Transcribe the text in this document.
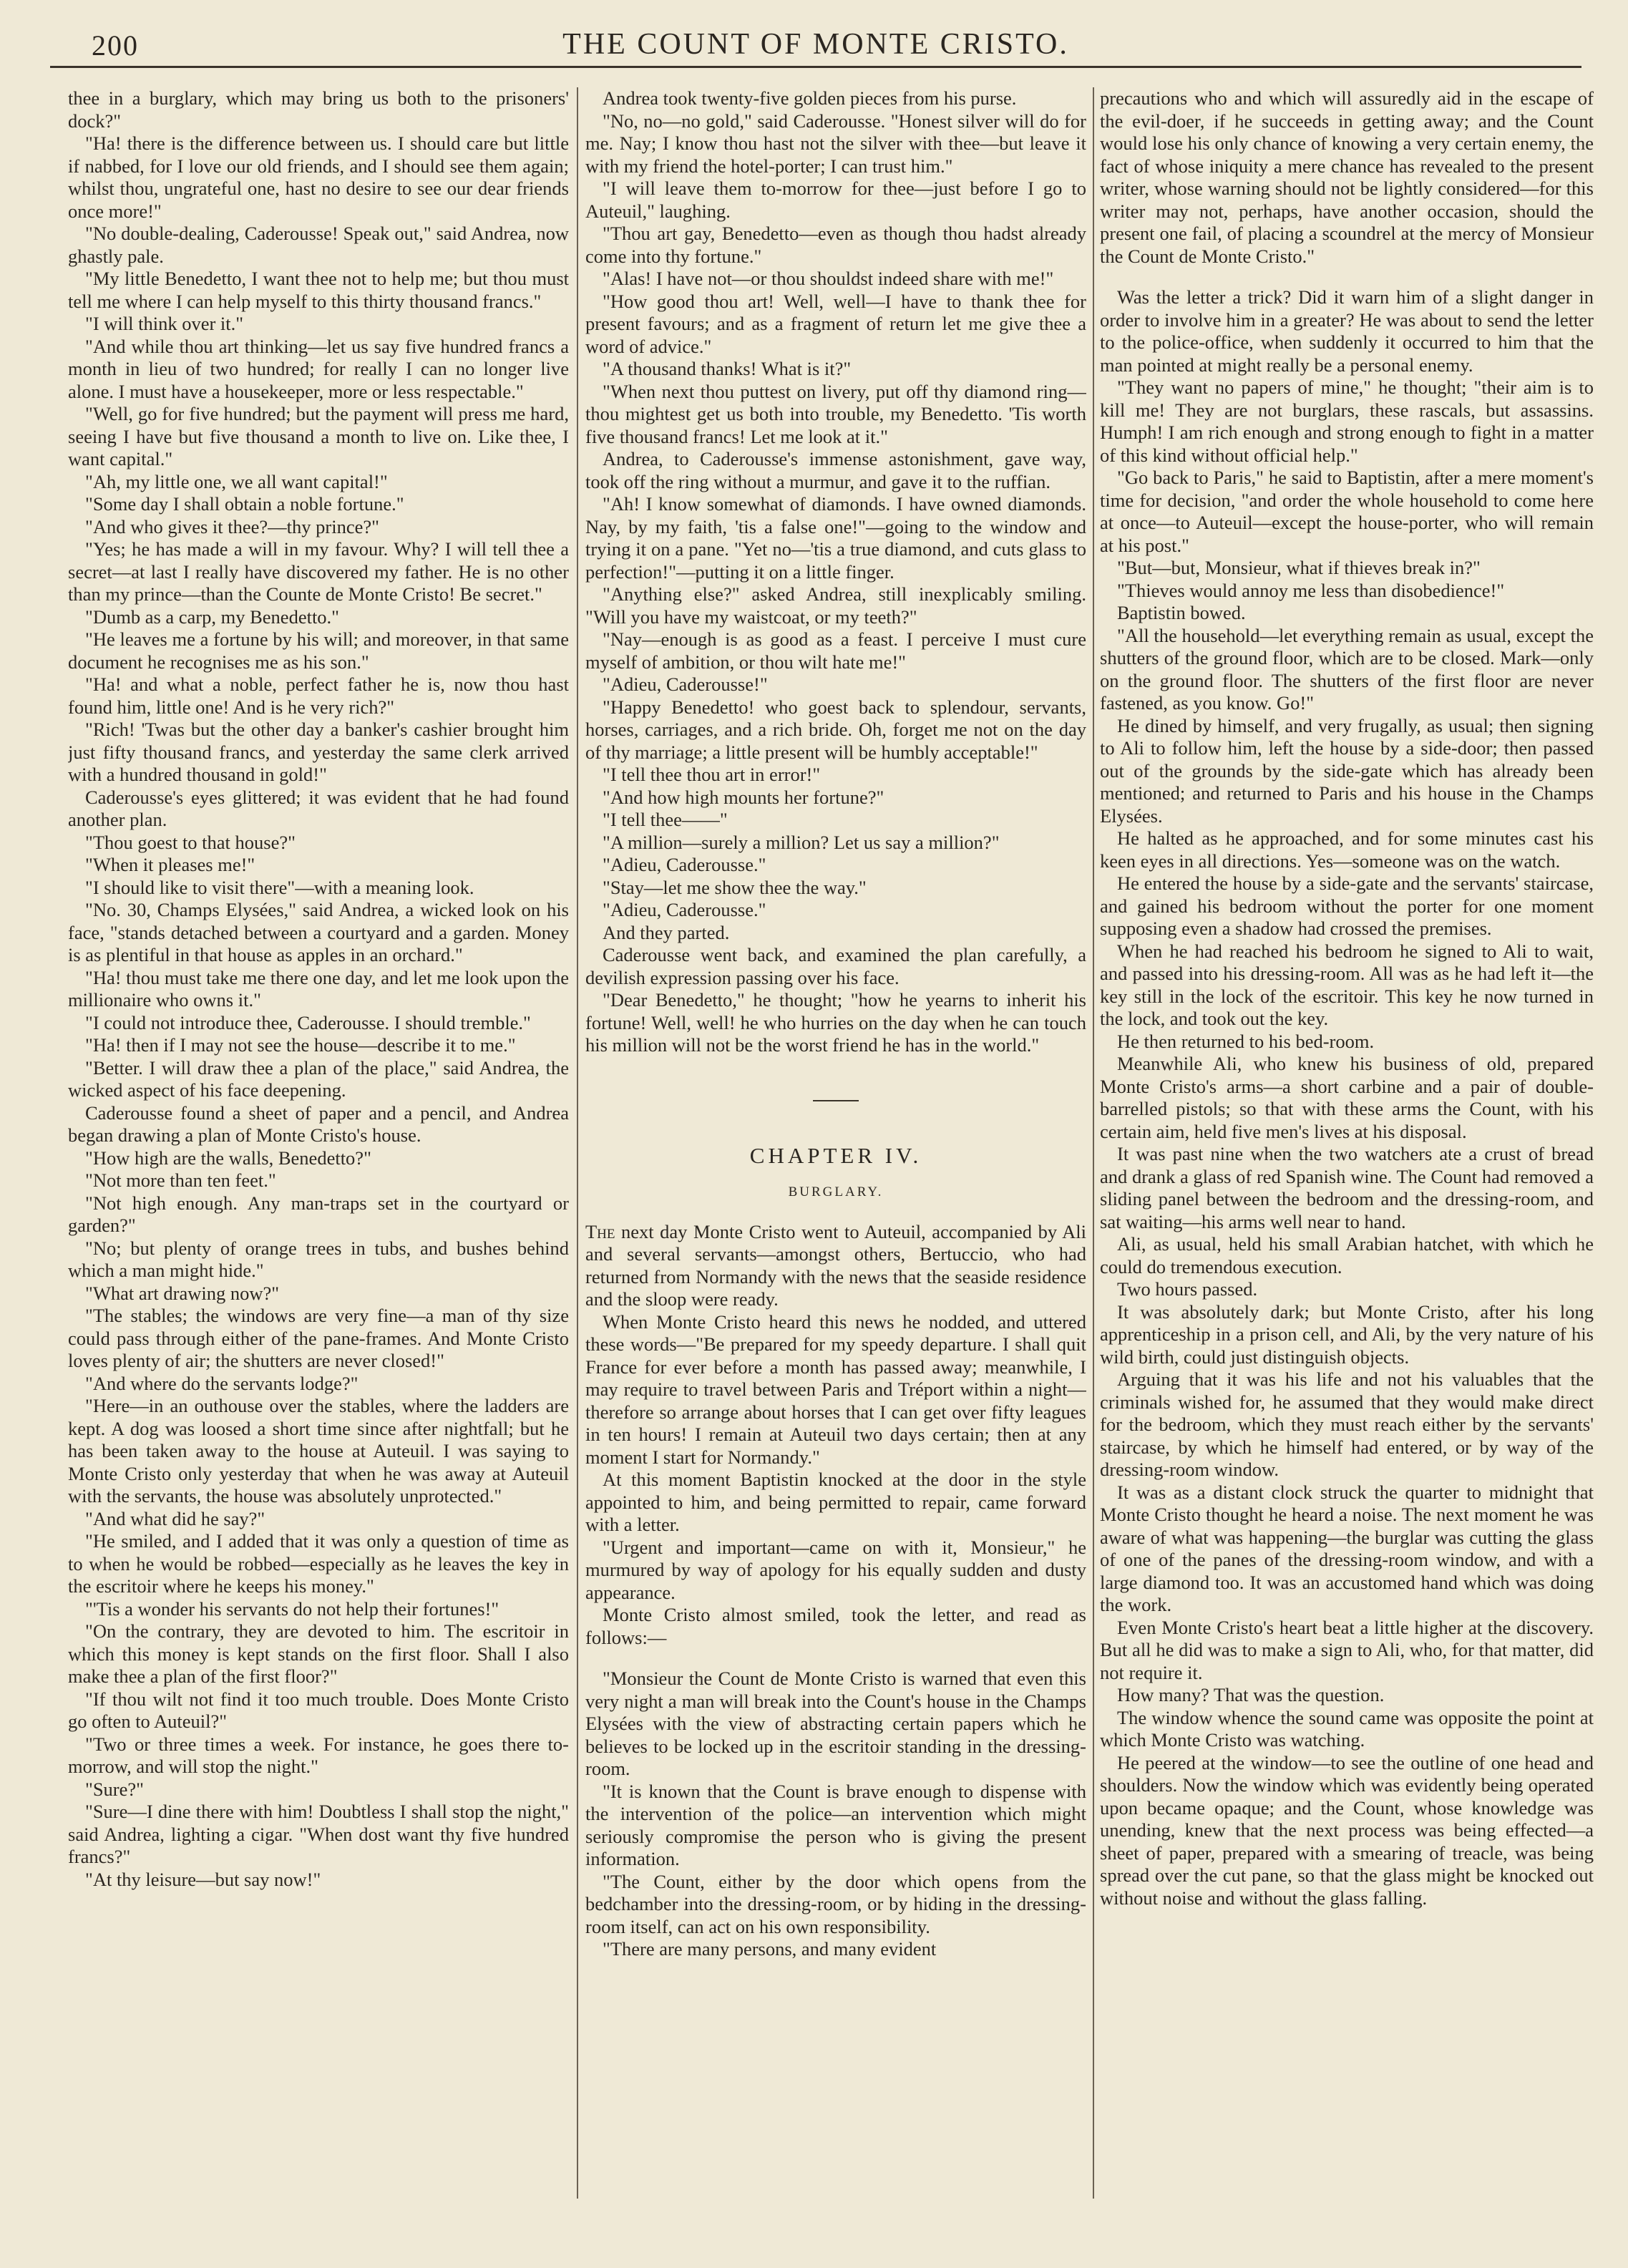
200	THE COUNT OF MONTE CRISTO.

thee in a burglary, which may bring us both to the prisoners' dock?"

"Ha! there is the difference between us. I should care but little if nabbed, for I love our old friends, and I should see them again; whilst thou, ungrateful one, hast no desire to see our dear friends once more!"

"No double-dealing, Caderousse! Speak out," said Andrea, now ghastly pale.

"My little Benedetto, I want thee not to help me; but thou must tell me where I can help myself to this thirty thousand francs."

"I will think over it."

"And while thou art thinking—let us say five hundred francs a month in lieu of two hundred; for really I can no longer live alone. I must have a housekeeper, more or less respectable."

"Well, go for five hundred; but the payment will press me hard, seeing I have but five thousand a month to live on. Like thee, I want capital."

"Ah, my little one, we all want capital!"

"Some day I shall obtain a noble fortune."

"And who gives it thee?—thy prince?"

"Yes; he has made a will in my favour. Why? I will tell thee a secret—at last I really have discovered my father. He is no other than my prince—than the Counte de Monte Cristo! Be secret."

"Dumb as a carp, my Benedetto."

"He leaves me a fortune by his will; and moreover, in that same document he recognises me as his son."

"Ha! and what a noble, perfect father he is, now thou hast found him, little one! And is he very rich?"

"Rich! 'Twas but the other day a banker's cashier brought him just fifty thousand francs, and yesterday the same clerk arrived with a hundred thousand in gold!"

Caderousse's eyes glittered; it was evident that he had found another plan.

"Thou goest to that house?"

"When it pleases me!"

"I should like to visit there"—with a meaning look.

"No. 30, Champs Elysées," said Andrea, a wicked look on his face, "stands detached between a courtyard and a garden. Money is as plentiful in that house as apples in an orchard."

"Ha! thou must take me there one day, and let me look upon the millionaire who owns it."

"I could not introduce thee, Caderousse. I should tremble."

"Ha! then if I may not see the house—describe it to me."

"Better. I will draw thee a plan of the place," said Andrea, the wicked aspect of his face deepening.

Caderousse found a sheet of paper and a pencil, and Andrea began drawing a plan of Monte Cristo's house.

"How high are the walls, Benedetto?"

"Not more than ten feet."

"Not high enough. Any man-traps set in the courtyard or garden?"

"No; but plenty of orange trees in tubs, and bushes behind which a man might hide."

"What art drawing now?"

"The stables; the windows are very fine—a man of thy size could pass through either of the pane-frames. And Monte Cristo loves plenty of air; the shutters are never closed!"

"And where do the servants lodge?"

"Here—in an outhouse over the stables, where the ladders are kept. A dog was loosed a short time since after nightfall; but he has been taken away to the house at Auteuil. I was saying to Monte Cristo only yesterday that when he was away at Auteuil with the servants, the house was absolutely unprotected."

"And what did he say?"

"He smiled, and I added that it was only a question of time as to when he would be robbed—especially as he leaves the key in the escritoir where he keeps his money."

"'Tis a wonder his servants do not help their fortunes!"

"On the contrary, they are devoted to him. The escritoir in which this money is kept stands on the first floor. Shall I also make thee a plan of the first floor?"

"If thou wilt not find it too much trouble. Does Monte Cristo go often to Auteuil?"

"Two or three times a week. For instance, he goes there to-morrow, and will stop the night."

"Sure?"

"Sure—I dine there with him! Doubtless I shall stop the night," said Andrea, lighting a cigar. "When dost want thy five hundred francs?"

"At thy leisure—but say now!"

Andrea took twenty-five golden pieces from his purse.

"No, no—no gold," said Caderousse. "Honest silver will do for me. Nay; I know thou hast not the silver with thee—but leave it with my friend the hotel-porter; I can trust him."

"I will leave them to-morrow for thee—just before I go to Auteuil," laughing.

"Thou art gay, Benedetto—even as though thou hadst already come into thy fortune."

"Alas! I have not—or thou shouldst indeed share with me!"

"How good thou art! Well, well—I have to thank thee for present favours; and as a fragment of return let me give thee a word of advice."

"A thousand thanks! What is it?"

"When next thou puttest on livery, put off thy diamond ring—thou mightest get us both into trouble, my Benedetto. 'Tis worth five thousand francs! Let me look at it."

Andrea, to Caderousse's immense astonishment, gave way, took off the ring without a murmur, and gave it to the ruffian.

"Ah! I know somewhat of diamonds. I have owned diamonds. Nay, by my faith, 'tis a false one!"—going to the window and trying it on a pane. "Yet no—'tis a true diamond, and cuts glass to perfection!"—putting it on a little finger.

"Anything else?" asked Andrea, still inexplicably smiling. "Will you have my waistcoat, or my teeth?"

"Nay—enough is as good as a feast. I perceive I must cure myself of ambition, or thou wilt hate me!"

"Adieu, Caderousse!"

"Happy Benedetto! who goest back to splendour, servants, horses, carriages, and a rich bride. Oh, forget me not on the day of thy marriage; a little present will be humbly acceptable!"

"I tell thee thou art in error!"

"And how high mounts her fortune?"

"I tell thee——"

"A million—surely a million? Let us say a million?"

"Adieu, Caderousse."

"Stay—let me show thee the way."

"Adieu, Caderousse."

And they parted.

Caderousse went back, and examined the plan carefully, a devilish expression passing over his face.

"Dear Benedetto," he thought; "how he yearns to inherit his fortune! Well, well! he who hurries on the day when he can touch his million will not be the worst friend he has in the world."

CHAPTER IV.
BURGLARY.

The next day Monte Cristo went to Auteuil, accompanied by Ali and several servants—amongst others, Bertuccio, who had returned from Normandy with the news that the seaside residence and the sloop were ready.

When Monte Cristo heard this news he nodded, and uttered these words—"Be prepared for my speedy departure. I shall quit France for ever before a month has passed away; meanwhile, I may require to travel between Paris and Tréport within a night—therefore so arrange about horses that I can get over fifty leagues in ten hours! I remain at Auteuil two days certain; then at any moment I start for Normandy."

At this moment Baptistin knocked at the door in the style appointed to him, and being permitted to repair, came forward with a letter.

"Urgent and important—came on with it, Monsieur," he murmured by way of apology for his equally sudden and dusty appearance.

Monte Cristo almost smiled, took the letter, and read as follows:—

"Monsieur the Count de Monte Cristo is warned that even this very night a man will break into the Count's house in the Champs Elysées with the view of abstracting certain papers which he believes to be locked up in the escritoir standing in the dressing-room.

"It is known that the Count is brave enough to dispense with the intervention of the police—an intervention which might seriously compromise the person who is giving the present information.

"The Count, either by the door which opens from the bedchamber into the dressing-room, or by hiding in the dressing-room itself, can act on his own responsibility.

"There are many persons, and many evident

precautions who and which will assuredly aid in the escape of the evil-doer, if he succeeds in getting away; and the Count would lose his only chance of knowing a very certain enemy, the fact of whose iniquity a mere chance has revealed to the present writer, whose warning should not be lightly considered—for this writer may not, perhaps, have another occasion, should the present one fail, of placing a scoundrel at the mercy of Monsieur the Count de Monte Cristo."

Was the letter a trick? Did it warn him of a slight danger in order to involve him in a greater? He was about to send the letter to the police-office, when suddenly it occurred to him that the man pointed at might really be a personal enemy.

"They want no papers of mine," he thought; "their aim is to kill me! They are not burglars, these rascals, but assassins. Humph! I am rich enough and strong enough to fight in a matter of this kind without official help."

"Go back to Paris," he said to Baptistin, after a mere moment's time for decision, "and order the whole household to come here at once—to Auteuil—except the house-porter, who will remain at his post."

"But—but, Monsieur, what if thieves break in?"

"Thieves would annoy me less than disobedience!"

Baptistin bowed.

"All the household—let everything remain as usual, except the shutters of the ground floor, which are to be closed. Mark—only on the ground floor. The shutters of the first floor are never fastened, as you know. Go!"

He dined by himself, and very frugally, as usual; then signing to Ali to follow him, left the house by a side-door; then passed out of the grounds by the side-gate which has already been mentioned; and returned to Paris and his house in the Champs Elysées.

He halted as he approached, and for some minutes cast his keen eyes in all directions. Yes—someone was on the watch.

He entered the house by a side-gate and the servants' staircase, and gained his bedroom without the porter for one moment supposing even a shadow had crossed the premises.

When he had reached his bedroom he signed to Ali to wait, and passed into his dressing-room. All was as he had left it—the key still in the lock of the escritoir. This key he now turned in the lock, and took out the key.

He then returned to his bed-room.

Meanwhile Ali, who knew his business of old, prepared Monte Cristo's arms—a short carbine and a pair of double-barrelled pistols; so that with these arms the Count, with his certain aim, held five men's lives at his disposal.

It was past nine when the two watchers ate a crust of bread and drank a glass of red Spanish wine. The Count had removed a sliding panel between the bedroom and the dressing-room, and sat waiting—his arms well near to hand.

Ali, as usual, held his small Arabian hatchet, with which he could do tremendous execution.

Two hours passed.

It was absolutely dark; but Monte Cristo, after his long apprenticeship in a prison cell, and Ali, by the very nature of his wild birth, could just distinguish objects.

Arguing that it was his life and not his valuables that the criminals wished for, he assumed that they would make direct for the bedroom, which they must reach either by the servants' staircase, by which he himself had entered, or by way of the dressing-room window.

It was as a distant clock struck the quarter to midnight that Monte Cristo thought he heard a noise. The next moment he was aware of what was happening—the burglar was cutting the glass of one of the panes of the dressing-room window, and with a large diamond too. It was an accustomed hand which was doing the work.

Even Monte Cristo's heart beat a little higher at the discovery. But all he did was to make a sign to Ali, who, for that matter, did not require it.

How many? That was the question.

The window whence the sound came was opposite the point at which Monte Cristo was watching.

He peered at the window—to see the outline of one head and shoulders. Now the window which was evidently being operated upon became opaque; and the Count, whose knowledge was unending, knew that the next process was being effected—a sheet of paper, prepared with a smearing of treacle, was being spread over the cut pane, so that the glass might be knocked out without noise and without the glass falling.
